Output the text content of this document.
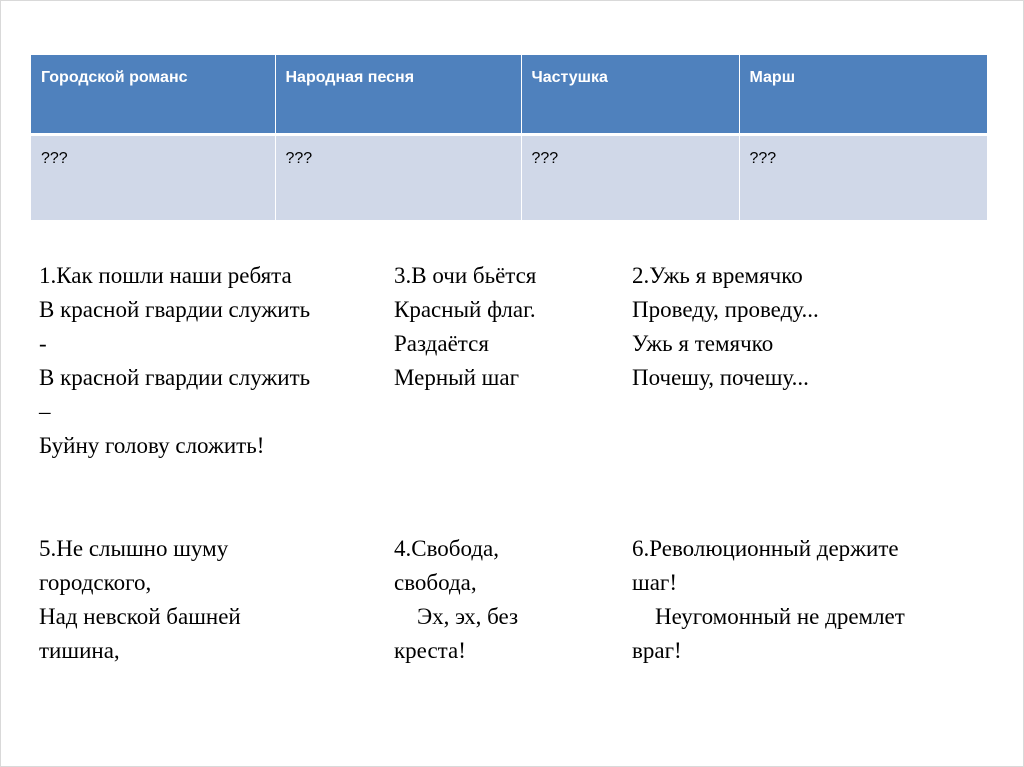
Городской романс	Народная песня	Частушка	Марш
???	???	???	???
1.Как пошли наши ребята
В красной гвардии служить
-
В красной гвардии служить
–
Буйну голову сложить!
3.В очи бьётся
Красный флаг.
Раздаётся
Мерный шаг
2.Ужь я времячко
Проведу, проведу...
Ужь я темячко
Почешу, почешу...
5.Не слышно шуму
городского,
Над невской башней
тишина,
4.Свобода,
свобода,
Эх, эх, без
креста!
6.Революционный держите
шаг!
Неугомонный не дремлет
враг!
